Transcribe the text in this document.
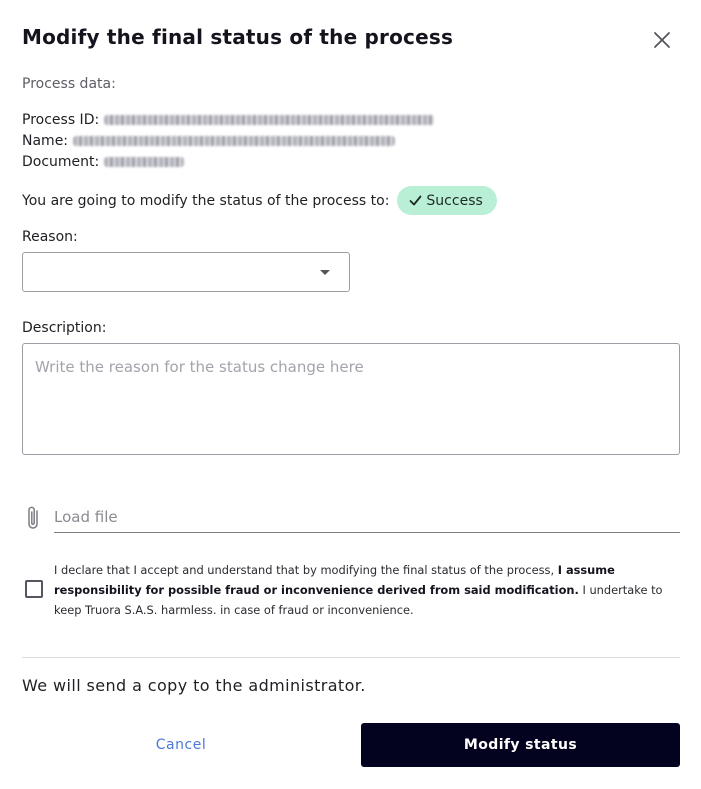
Modify the final status of the process
Process data:
Process ID:
Name:
Document:
You are going to modify the status of the process to:	Success
Reason:
Description:
Write the reason for the status change here
Load file
I declare that I accept and understand that by modifying the final status of the process, I assume responsibility for possible fraud or inconvenience derived from said modification. I undertake to keep Truora S.A.S. harmless. in case of fraud or inconvenience.
We will send a copy to the administrator.
Cancel	Modify status
